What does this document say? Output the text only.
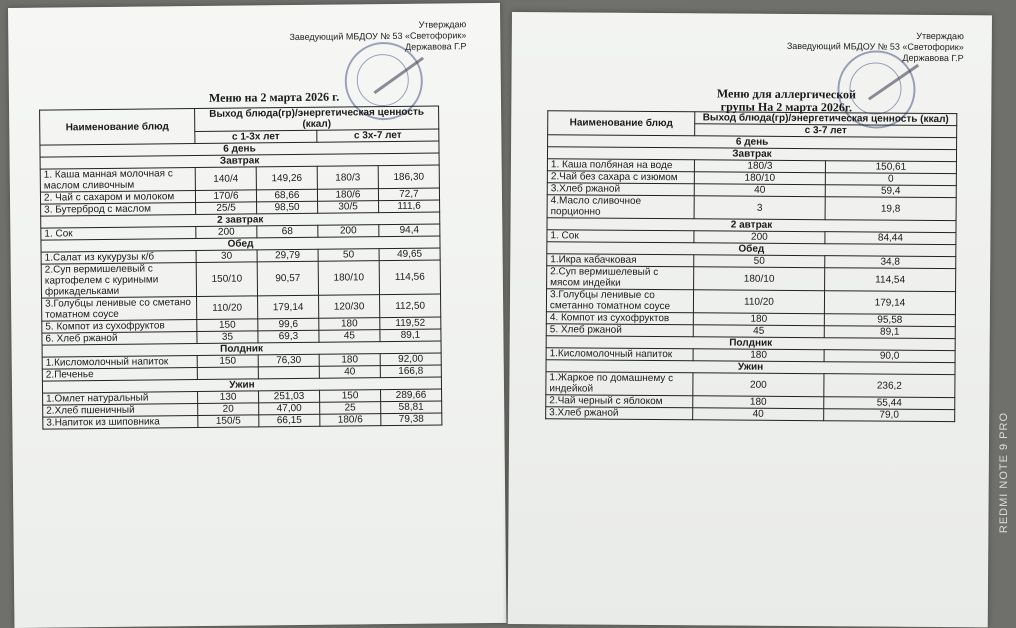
Утверждаю
Заведующий МБДОУ № 53 «Светофорик»
Державова Г.Р
Меню на 2 марта 2026 г.
Наименование блюд	Выход блюда(гр)/энергетическая ценность (ккал)			
	с 1-3х лет		с 3х-7 лет	
6 день				
Завтрак				
1. Каша манная молочная с маслом сливочным	140/4	149,26	180/3	186,30
2. Чай с сахаром и молоком	170/6	68,66	180/6	72,7
3. Бутерброд с маслом	25/5	98,50	30/5	111,6
2 завтрак				
1. Сок	200	68	200	94,4
Обед				
1.Салат из кукурузы к/б	30	29,79	50	49,65
2.Суп вермишелевый с картофелем с куриными фрикадельками	150/10	90,57	180/10	114,56
3.Голубцы ленивые со сметано томатном соусе	110/20	179,14	120/30	112,50
5. Компот из сухофруктов	150	99,6	180	119,52
6. Хлеб ржаной	35	69,3	45	89,1
Полдник				
1.Кисломолочный напиток	150	76,30	180	92,00
2.Печенье			40	166,8
Ужин				
1.Омлет натуральный	130	251,03	150	289,66
2.Хлеб пшеничный	20	47,00	25	58,81
3.Напиток из шиповника	150/5	66,15	180/6	79,38
Утверждаю
Заведующий МБДОУ № 53 «Светофорик»
Державова Г.Р
Меню для аллергической групы На 2 марта 2026г.
Наименование блюд	Выход блюда(гр)/энергетическая ценность (ккал)	
	с 3-7 лет	
6 день		
Завтрак		
1. Каша полбяная на воде	180/3	150,61
2.Чай без сахара с изюмом	180/10	0
3.Хлеб ржаной	40	59,4
4.Масло сливочное порционно	3	19,8
2 автрак		
1. Сок	200	84,44
Обед		
1.Икра кабачковая	50	34,8
2.Суп вермишелевый с мясом индейки	180/10	114,54
3.Голубцы ленивые со сметанно томатном соусе	110/20	179,14
4. Компот из сухофруктов	180	95,58
5. Хлеб ржаной	45	89,1
Полдник		
1.Кисломолочный напиток	180	90,0
Ужин		
1.Жаркое по домашнему с индейкой	200	236,2
2.Чай черный с яблоком	180	55,44
3.Хлеб ржаной	40	79,0	REDMI NOTE 9 PRO
